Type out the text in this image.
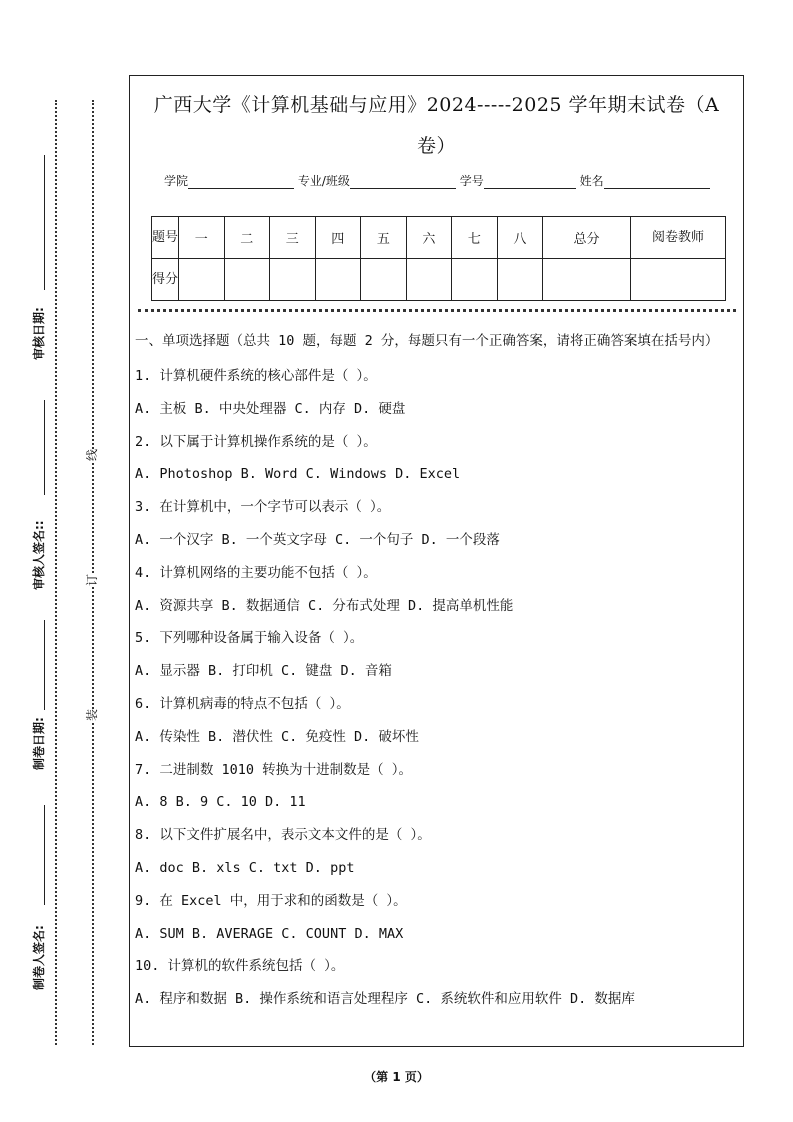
审核日期:
审核人签名::
制卷日期:
制卷人签名:
线
订
装
广西大学《计算机基础与应用》2024-----2025 学年期末试卷（A
卷）
学院	专业/班级	学号	姓名
题号	一	二	三	四	五	六	七	八	总分	阅卷教师
得分										
一、单项选择题（总共 10 题，每题 2 分，每题只有一个正确答案，请将正确答案填在括号内）
1. 计算机硬件系统的核心部件是（ ）。
A. 主板 B. 中央处理器 C. 内存 D. 硬盘
2. 以下属于计算机操作系统的是（ ）。
A. Photoshop B. Word C. Windows D. Excel
3. 在计算机中，一个字节可以表示（ ）。
A. 一个汉字 B. 一个英文字母 C. 一个句子 D. 一个段落
4. 计算机网络的主要功能不包括（ ）。
A. 资源共享 B. 数据通信 C. 分布式处理 D. 提高单机性能
5. 下列哪种设备属于输入设备（ ）。
A. 显示器 B. 打印机 C. 键盘 D. 音箱
6. 计算机病毒的特点不包括（ ）。
A. 传染性 B. 潜伏性 C. 免疫性 D. 破坏性
7. 二进制数 1010 转换为十进制数是（ ）。
A. 8 B. 9 C. 10 D. 11
8. 以下文件扩展名中，表示文本文件的是（ ）。
A. doc B. xls C. txt D. ppt
9. 在 Excel 中，用于求和的函数是（ ）。
A. SUM B. AVERAGE C. COUNT D. MAX
10. 计算机的软件系统包括（ ）。
A. 程序和数据 B. 操作系统和语言处理程序 C. 系统软件和应用软件 D. 数据库
（第 1 页）
